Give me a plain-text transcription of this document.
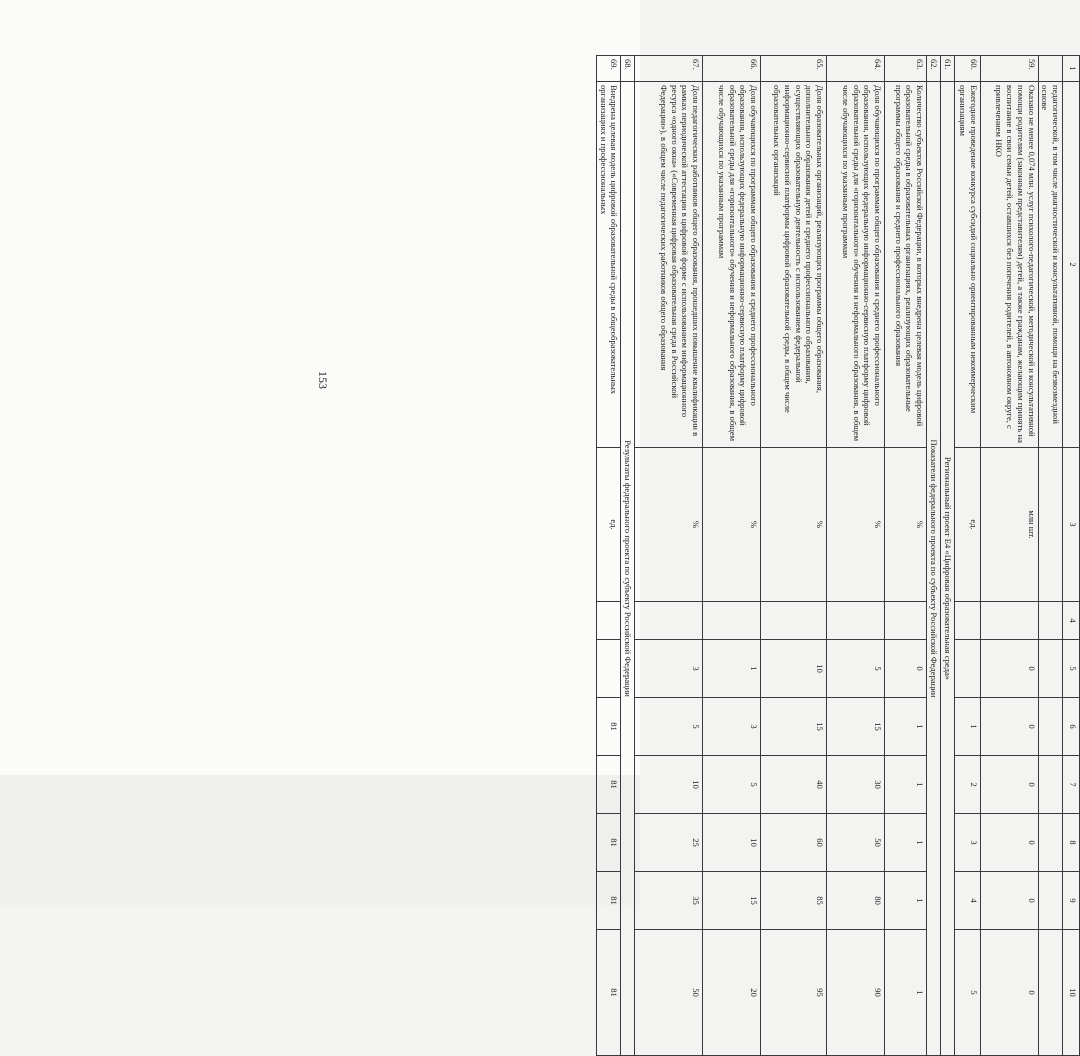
153
1	2	3	4	5	6	7	8	9	10
	педагогической, в том числе диагностической и консультативной, помощи на безвозмездной основе								
59.	Оказано не менее 0,074 млн. услуг психолого-педагогической, методической и консультативной помощи родителям (законным представителям) детей, а также гражданам, желающим принять на воспитание в свои семьи детей, оставшихся без попечения родителей, в автономном округе, с привлечением НКО	млн шт.		0	0	0	0	0	0
60.	Ежегодное проведение конкурса субсидий социально ориентированным некоммерческим организациям	ед.			1	2	3	4	5
61.	Региональный проект Е4 «Цифровая образовательная среда»								
62.	Показатели федерального проекта по субъекту Российской Федерации								
63.	Количество субъектов Российской Федерации, в которых внедрена целевая модель цифровой образовательной среды в образовательных организациях, реализующих образовательные программы общего образования и среднего профессионального образования	%		0	1	1	1	1	1
64.	Доля обучающихся по программам общего образования и среднего профессионального образования, использующих федеральную информационно-сервисную платформу цифровой образовательной среды для «горизонтального» обучения и неформального образования, в общем числе обучающихся по указанным программам	%		5	15	30	50	80	90
65.	Доля образовательных организаций, реализующих программы общего образования, дополнительного образования детей и среднего профессионального образования, осуществляющих образовательную деятельность с использованием федеральной информационно-сервисной платформы цифровой образовательной среды, в общем числе образовательных организаций	%		10	15	40	60	85	95
66.	Доля обучающихся по программам общего образования и среднего профессионального образования, использующих федеральную информационно-сервисную платформу цифровой образовательной среды для «горизонтального» обучения и неформального образования, в общем числе обучающихся по указанным программам	%		1	3	5	10	15	20
67.	Доля педагогических работников общего образования, прошедших повышение квалификации в рамках периодической аттестации в цифровой форме с использованием информационного ресурса «одного окна» («Современная цифровая образовательная среда в Российской Федерации»), в общем числе педагогических работников общего образования	%		3	5	10	25	35	50
68.	Результаты федерального проекта по субъекту Российской Федерации								
69.	Внедрена целевая модель цифровой образовательной среды в общеобразовательных организациях и профессиональных	ед.			81	81	81	81	81
